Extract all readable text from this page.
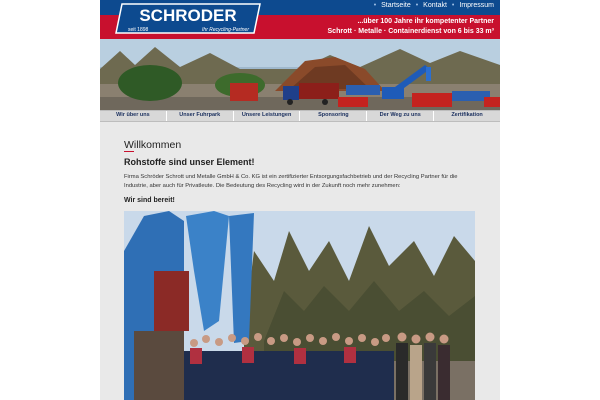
• Startseite • Kontakt • Impressum
...über 100 Jahre ihr kompetenter Partner
Schrott · Metalle · Containerdienst von 6 bis 33 m³
SCHRODER
seit 1898	Ihr Recycling-Partner
Wir über uns	Unser Fuhrpark	Unsere Leistungen	Sponsoring	Der Weg zu uns	Zertifikation
Willkommen
Rohstoffe sind unser Element!
Firma Schröder Schrott und Metalle GmbH & Co. KG ist ein zertifizierter Entsorgungsfachbetrieb und der Recycling Partner für die Industrie, aber auch für Privatleute. Die Bedeutung des Recycling wird in der Zukunft noch mehr zunehmen:
Wir sind bereit!
